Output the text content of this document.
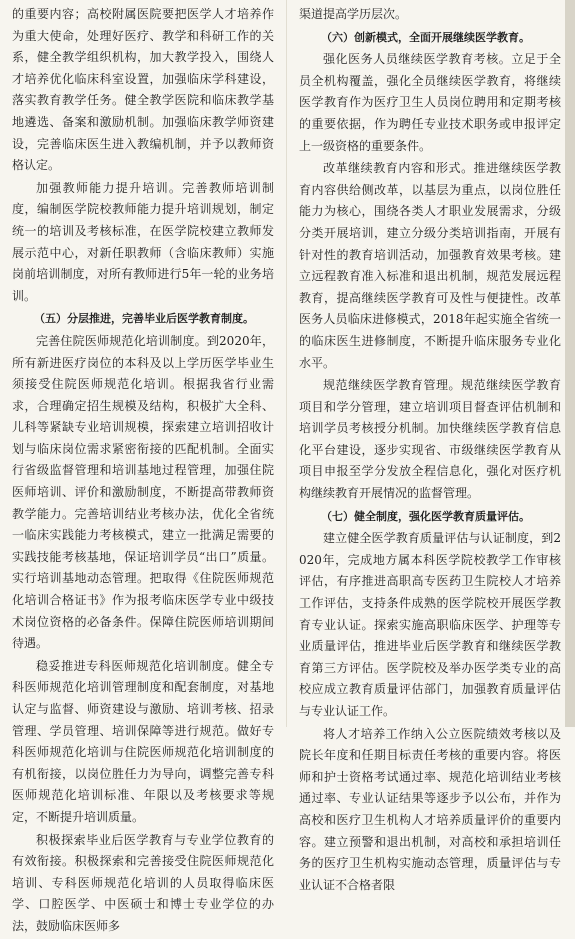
的重要内容；高校附属医院要把医学人才培养作为重大使命，处理好医疗、教学和科研工作的关系，健全教学组织机构，加大教学投入，围绕人才培养优化临床科室设置，加强临床学科建设，落实教育教学任务。健全教学医院和临床教学基地遴选、备案和激励机制。加强临床教学师资建设，完善临床医生进入教编机制，并予以教师资格认定。

加强教师能力提升培训。完善教师培训制度，编制医学院校教师能力提升培训规划，制定统一的培训及考核标准，在医学院校建立教师发展示范中心，对新任职教师（含临床教师）实施岗前培训制度，对所有教师进行5年一轮的业务培训。

（五）分层推进，完善毕业后医学教育制度。

完善住院医师规范化培训制度。到2020年，所有新进医疗岗位的本科及以上学历医学毕业生须接受住院医师规范化培训。根据我省行业需求，合理确定招生规模及结构，积极扩大全科、儿科等紧缺专业培训规模，探索建立培训招收计划与临床岗位需求紧密衔接的匹配机制。全面实行省级监督管理和培训基地过程管理，加强住院医师培训、评价和激励制度，不断提高带教师资教学能力。完善培训结业考核办法，优化全省统一临床实践能力考核模式，建立一批满足需要的实践技能考核基地，保证培训学员“出口”质量。实行培训基地动态管理。把取得《住院医师规范化培训合格证书》作为报考临床医学专业中级技术岗位资格的必备条件。保障住院医师培训期间待遇。

稳妥推进专科医师规范化培训制度。健全专科医师规范化培训管理制度和配套制度，对基地认定与监督、师资建设与激励、培训考核、招录管理、学员管理、培训保障等进行规范。做好专科医师规范化培训与住院医师规范化培训制度的有机衔接，以岗位胜任力为导向，调整完善专科医师规范化培训标准、年限以及考核要求等规定，不断提升培训质量。

积极探索毕业后医学教育与专业学位教育的有效衔接。积极探索和完善接受住院医师规范化培训、专科医师规范化培训的人员取得临床医学、口腔医学、中医硕士和博士专业学位的办法，鼓励临床医师多

渠道提高学历层次。

（六）创新模式，全面开展继续医学教育。

强化医务人员继续医学教育考核。立足于全员全机构覆盖，强化全员继续医学教育，将继续医学教育作为医疗卫生人员岗位聘用和定期考核的重要依据，作为聘任专业技术职务或申报评定上一级资格的重要条件。

改革继续教育内容和形式。推进继续医学教育内容供给侧改革，以基层为重点，以岗位胜任能力为核心，围绕各类人才职业发展需求，分级分类开展培训，建立分级分类培训指南，开展有针对性的教育培训活动，加强教育效果考核。建立远程教育准入标准和退出机制，规范发展远程教育，提高继续医学教育可及性与便捷性。改革医务人员临床进修模式，2018年起实施全省统一的临床医生进修制度，不断提升临床服务专业化水平。

规范继续医学教育管理。规范继续医学教育项目和学分管理，建立培训项目督查评估机制和培训学员考核授分机制。加快继续医学教育信息化平台建设，逐步实现省、市级继续医学教育从项目申报至学分发放全程信息化，强化对医疗机构继续教育开展情况的监督管理。

（七）健全制度，强化医学教育质量评估。

建立健全医学教育质量评估与认证制度，到2020年，完成地方属本科医学院校教学工作审核评估，有序推进高职高专医药卫生院校人才培养工作评估，支持条件成熟的医学院校开展医学教育专业认证。探索实施高职临床医学、护理等专业质量评估，推进毕业后医学教育和继续医学教育第三方评估。医学院校及举办医学类专业的高校应成立教育质量评估部门，加强教育质量评估与专业认证工作。

将人才培养工作纳入公立医院绩效考核以及院长年度和任期目标责任考核的重要内容。将医师和护士资格考试通过率、规范化培训结业考核通过率、专业认证结果等逐步予以公布，并作为高校和医疗卫生机构人才培养质量评价的重要内容。建立预警和退出机制，对高校和承担培训任务的医疗卫生机构实施动态管理，质量评估与专业认证不合格者限
